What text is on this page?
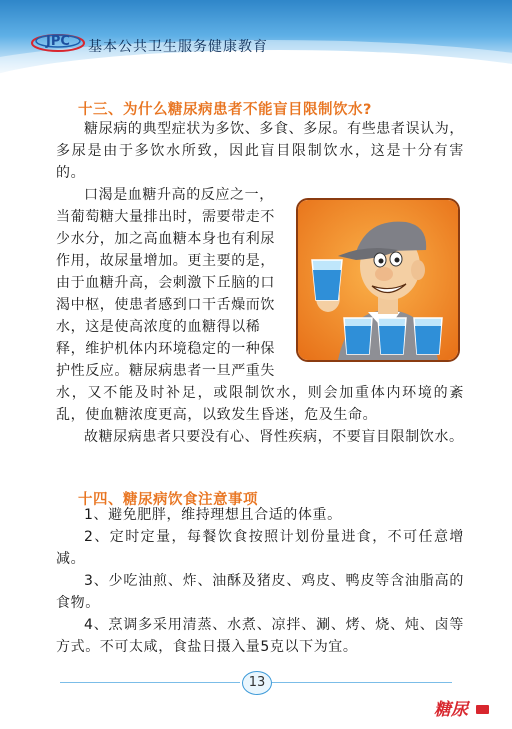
JPC 基本公共卫生服务健康教育
十三、为什么糖尿病患者不能盲目限制饮水?

糖尿病的典型症状为多饮、多食、多尿。有些患者误认为，多尿是由于多饮水所致，因此盲目限制饮水，这是十分有害的。

口渴是血糖升高的反应之一，
当葡萄糖大量排出时，需要带走不
少水分，加之高血糖本身也有利尿
作用，故尿量增加。更主要的是，
由于血糖升高，会刺激下丘脑的口
渴中枢，使患者感到口干舌燥而饮
水，这是使高浓度的血糖得以稀
释，维护机体内环境稳定的一种保
护性反应。糖尿病患者一旦严重失

水，又不能及时补足，或限制饮水，则会加重体内环境的紊乱，使血糖浓度更高，以致发生昏迷，危及生命。

故糖尿病患者只要没有心、肾性疾病，不要盲目限制饮水。

十四、糖尿病饮食注意事项

1、避免肥胖，维持理想且合适的体重。

2、定时定量，每餐饮食按照计划份量进食，不可任意增减。

3、少吃油煎、炸、油酥及猪皮、鸡皮、鸭皮等含油脂高的食物。

4、烹调多采用清蒸、水煮、凉拌、涮、烤、烧、炖、卤等方式。不可太咸，食盐日摄入量5克以下为宜。

13
糖尿
